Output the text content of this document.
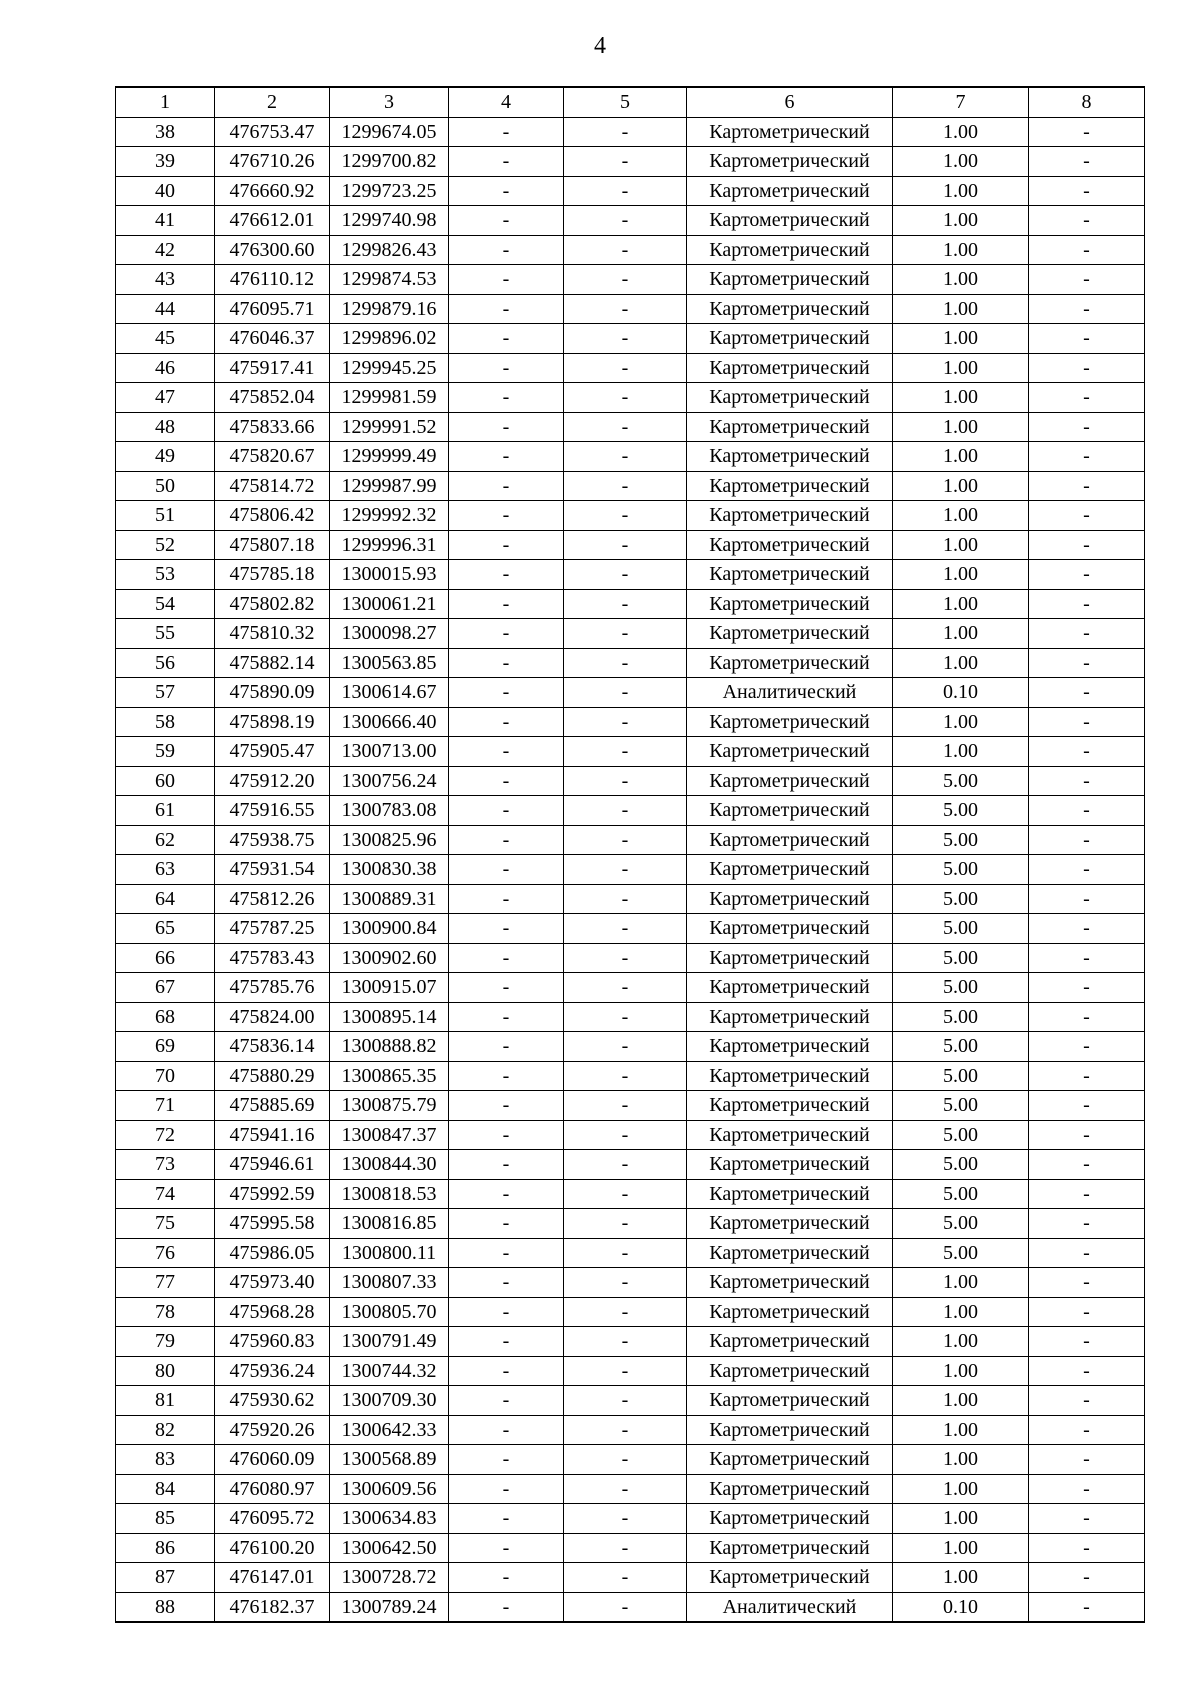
4
1	2	3	4	5	6	7	8
38	476753.47	1299674.05	-	-	Картометрический	1.00	-
39	476710.26	1299700.82	-	-	Картометрический	1.00	-
40	476660.92	1299723.25	-	-	Картометрический	1.00	-
41	476612.01	1299740.98	-	-	Картометрический	1.00	-
42	476300.60	1299826.43	-	-	Картометрический	1.00	-
43	476110.12	1299874.53	-	-	Картометрический	1.00	-
44	476095.71	1299879.16	-	-	Картометрический	1.00	-
45	476046.37	1299896.02	-	-	Картометрический	1.00	-
46	475917.41	1299945.25	-	-	Картометрический	1.00	-
47	475852.04	1299981.59	-	-	Картометрический	1.00	-
48	475833.66	1299991.52	-	-	Картометрический	1.00	-
49	475820.67	1299999.49	-	-	Картометрический	1.00	-
50	475814.72	1299987.99	-	-	Картометрический	1.00	-
51	475806.42	1299992.32	-	-	Картометрический	1.00	-
52	475807.18	1299996.31	-	-	Картометрический	1.00	-
53	475785.18	1300015.93	-	-	Картометрический	1.00	-
54	475802.82	1300061.21	-	-	Картометрический	1.00	-
55	475810.32	1300098.27	-	-	Картометрический	1.00	-
56	475882.14	1300563.85	-	-	Картометрический	1.00	-
57	475890.09	1300614.67	-	-	Аналитический	0.10	-
58	475898.19	1300666.40	-	-	Картометрический	1.00	-
59	475905.47	1300713.00	-	-	Картометрический	1.00	-
60	475912.20	1300756.24	-	-	Картометрический	5.00	-
61	475916.55	1300783.08	-	-	Картометрический	5.00	-
62	475938.75	1300825.96	-	-	Картометрический	5.00	-
63	475931.54	1300830.38	-	-	Картометрический	5.00	-
64	475812.26	1300889.31	-	-	Картометрический	5.00	-
65	475787.25	1300900.84	-	-	Картометрический	5.00	-
66	475783.43	1300902.60	-	-	Картометрический	5.00	-
67	475785.76	1300915.07	-	-	Картометрический	5.00	-
68	475824.00	1300895.14	-	-	Картометрический	5.00	-
69	475836.14	1300888.82	-	-	Картометрический	5.00	-
70	475880.29	1300865.35	-	-	Картометрический	5.00	-
71	475885.69	1300875.79	-	-	Картометрический	5.00	-
72	475941.16	1300847.37	-	-	Картометрический	5.00	-
73	475946.61	1300844.30	-	-	Картометрический	5.00	-
74	475992.59	1300818.53	-	-	Картометрический	5.00	-
75	475995.58	1300816.85	-	-	Картометрический	5.00	-
76	475986.05	1300800.11	-	-	Картометрический	5.00	-
77	475973.40	1300807.33	-	-	Картометрический	1.00	-
78	475968.28	1300805.70	-	-	Картометрический	1.00	-
79	475960.83	1300791.49	-	-	Картометрический	1.00	-
80	475936.24	1300744.32	-	-	Картометрический	1.00	-
81	475930.62	1300709.30	-	-	Картометрический	1.00	-
82	475920.26	1300642.33	-	-	Картометрический	1.00	-
83	476060.09	1300568.89	-	-	Картометрический	1.00	-
84	476080.97	1300609.56	-	-	Картометрический	1.00	-
85	476095.72	1300634.83	-	-	Картометрический	1.00	-
86	476100.20	1300642.50	-	-	Картометрический	1.00	-
87	476147.01	1300728.72	-	-	Картометрический	1.00	-
88	476182.37	1300789.24	-	-	Аналитический	0.10	-
